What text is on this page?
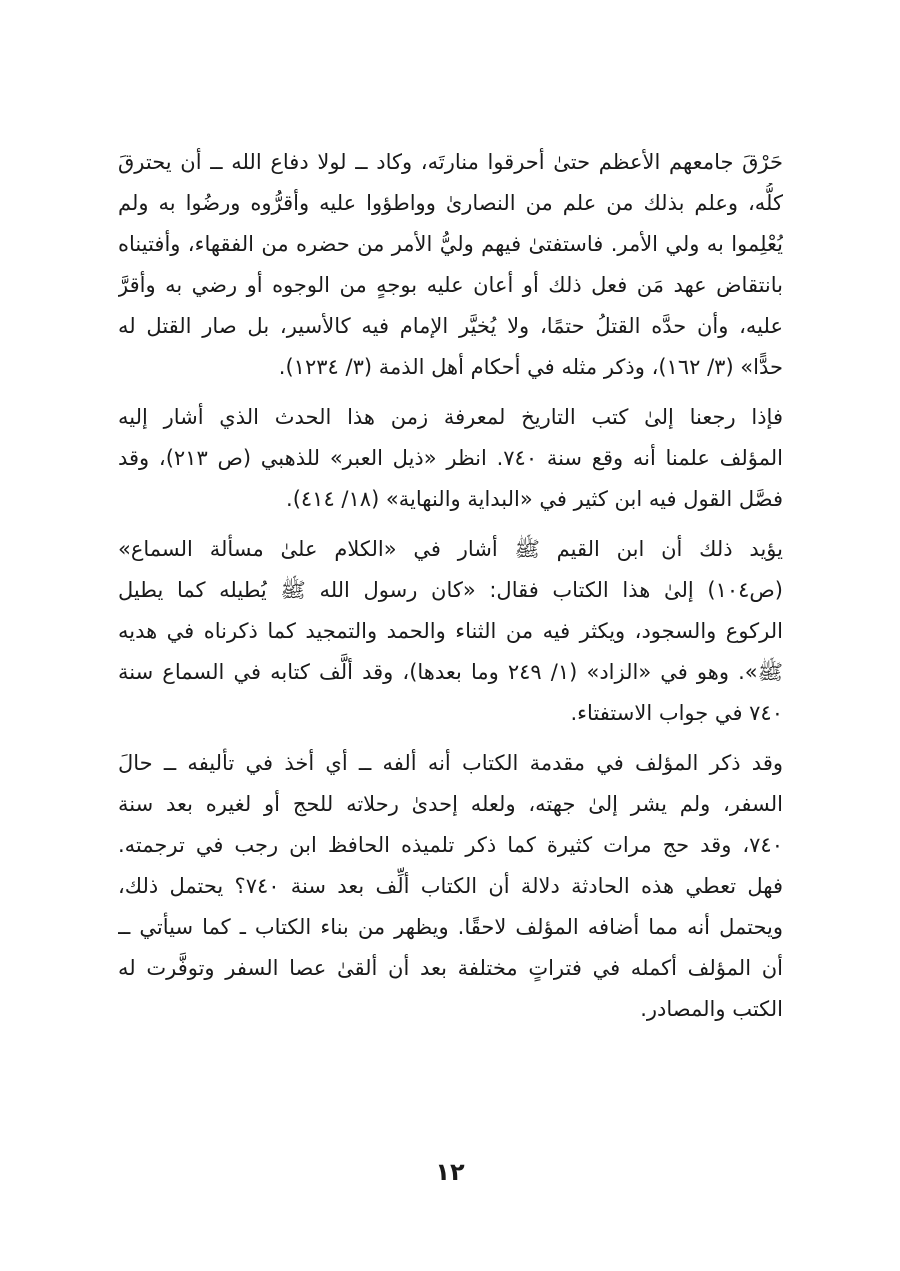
حَرْقَ جامعهم الأعظم حتىٰ أحرقوا منارتَه، وكاد ــ لولا دفاع الله ــ أن يحترقَ
كلُّه، وعلم بذلك من علم من النصارىٰ وواطؤوا عليه وأقرُّوه ورضُوا به ولم
يُعْلِموا به ولي الأمر. فاستفتىٰ فيهم وليُّ الأمر من حضره من الفقهاء، وأفتيناه
بانتقاض عهد مَن فعل ذلك أو أعان عليه بوجهٍ من الوجوه أو رضي به وأقرَّ
عليه، وأن حدَّه القتلُ حتمًا، ولا يُخيَّر الإمام فيه كالأسير، بل صار القتل له
حدًّا» (٣/ ١٦٢)، وذكر مثله في أحكام أهل الذمة (٣/ ١٢٣٤).
فإذا رجعنا إلىٰ كتب التاريخ لمعرفة زمن هذا الحدث الذي أشار إليه
المؤلف علمنا أنه وقع سنة ٧٤٠. انظر «ذيل العبر» للذهبي (ص ٢١٣)، وقد
فصَّل القول فيه ابن كثير في «البداية والنهاية» (١٨/ ٤١٤).
يؤيد ذلك أن ابن القيم ﷺ أشار في «الكلام علىٰ مسألة السماع»
(ص١٠٤) إلىٰ هذا الكتاب فقال: «كان رسول الله ﷺ يُطيله كما يطيل
الركوع والسجود، ويكثر فيه من الثناء والحمد والتمجيد كما ذكرناه في هديه
ﷺ». وهو في «الزاد» (١/ ٢٤٩ وما بعدها)، وقد ألَّف كتابه في السماع سنة
٧٤٠ في جواب الاستفتاء.
وقد ذكر المؤلف في مقدمة الكتاب أنه ألفه ــ أي أخذ في تأليفه ــ حالَ
السفر، ولم يشر إلىٰ جهته، ولعله إحدىٰ رحلاته للحج أو لغيره بعد سنة
٧٤٠، وقد حج مرات كثيرة كما ذكر تلميذه الحافظ ابن رجب في ترجمته.
فهل تعطي هذه الحادثة دلالة أن الكتاب ألِّف بعد سنة ٧٤٠؟ يحتمل ذلك،
ويحتمل أنه مما أضافه المؤلف لاحقًا. ويظهر من بناء الكتاب ـ كما سيأتي ــ
أن المؤلف أكمله في فتراتٍ مختلفة بعد أن ألقىٰ عصا السفر وتوفَّرت له
الكتب والمصادر.
١٢
